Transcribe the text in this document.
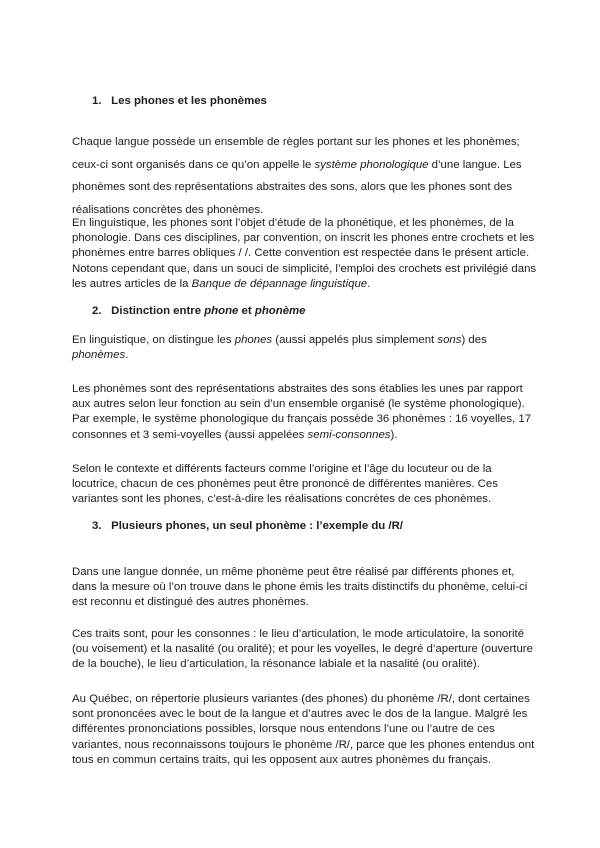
1. Les phones et les phonèmes

Chaque langue possède un ensemble de règles portant sur les phones et les phonèmes;
ceux-ci sont organisés dans ce qu’on appelle le système phonologique d’une langue. Les
phonèmes sont des représentations abstraites des sons, alors que les phones sont des
réalisations concrètes des phonèmes.

En linguistique, les phones sont l’objet d’étude de la phonétique, et les phonèmes, de la
phonologie. Dans ces disciplines, par convention, on inscrit les phones entre crochets et les
phonèmes entre barres obliques / /. Cette convention est respectée dans le présent article.
Notons cependant que, dans un souci de simplicité, l’emploi des crochets est privilégié dans
les autres articles de la Banque de dépannage linguistique.

2. Distinction entre phone et phonème

En linguistique, on distingue les phones (aussi appelés plus simplement sons) des
phonèmes.

Les phonèmes sont des représentations abstraites des sons établies les unes par rapport
aux autres selon leur fonction au sein d’un ensemble organisé (le système phonologique).
Par exemple, le système phonologique du français possède 36 phonèmes : 16 voyelles, 17
consonnes et 3 semi-voyelles (aussi appelées semi-consonnes).

Selon le contexte et différents facteurs comme l’origine et l’âge du locuteur ou de la
locutrice, chacun de ces phonèmes peut être prononcé de différentes manières. Ces
variantes sont les phones, c’est-à-dire les réalisations concrètes de ces phonèmes.

3. Plusieurs phones, un seul phonème : l’exemple du /R/

Dans une langue donnée, un même phonème peut être réalisé par différents phones et,
dans la mesure où l’on trouve dans le phone émis les traits distinctifs du phonème, celui-ci
est reconnu et distingué des autres phonèmes.

Ces traits sont, pour les consonnes : le lieu d’articulation, le mode articulatoire, la sonorité
(ou voisement) et la nasalité (ou oralité); et pour les voyelles, le degré d’aperture (ouverture
de la bouche), le lieu d’articulation, la résonance labiale et la nasalité (ou oralité).

Au Québec, on répertorie plusieurs variantes (des phones) du phonème /R/, dont certaines
sont prononcées avec le bout de la langue et d’autres avec le dos de la langue. Malgré les
différentes prononciations possibles, lorsque nous entendons l’une ou l’autre de ces
variantes, nous reconnaissons toujours le phonème /R/, parce que les phones entendus ont
tous en commun certains traits, qui les opposent aux autres phonèmes du français.
